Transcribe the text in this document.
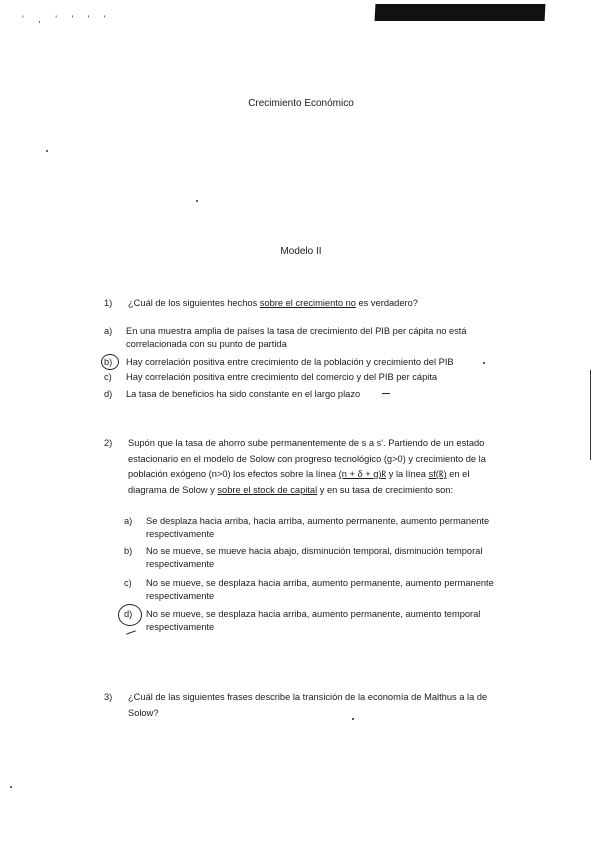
' , ' ' ' '
Crecimiento Económico
Modelo II
1) ¿Cuál de los siguientes hechos sobre el crecimiento no es verdadero?
a) En una muestra amplia de países la tasa de crecimiento del PIB per cápita no está
correlacionada con su punto de partida
b) Hay correlación positiva entre crecimiento de la población y crecimiento del PIB
c) Hay correlación positiva entre crecimiento del comercio y del PIB per cápita
d) La tasa de beneficios ha sido constante en el largo plazo
2) Supón que la tasa de ahorro sube permanentemente de s a s'. Partiendo de un estado
estacionario en el modelo de Solow con progreso tecnológico (g>0) y crecimiento de la
población exógeno (n>0) los efectos sobre la línea (n + δ + g)k̃ y la línea sf(k̃) en el
diagrama de Solow y sobre el stock de capital y en su tasa de crecimiento son:
a) Se desplaza hacia arriba, hacia arriba, aumento permanente, aumento permanente
respectivamente
b) No se mueve, se mueve hacia abajo, disminución temporal, disminución temporal
respectivamente
c) No se mueve, se desplaza hacia arriba, aumento permanente, aumento permanente
respectivamente
d) No se mueve, se desplaza hacia arriba, aumento permanente, aumento temporal
respectivamente
3) ¿Cuál de las siguientes frases describe la transición de la economía de Malthus a la de
Solow?
